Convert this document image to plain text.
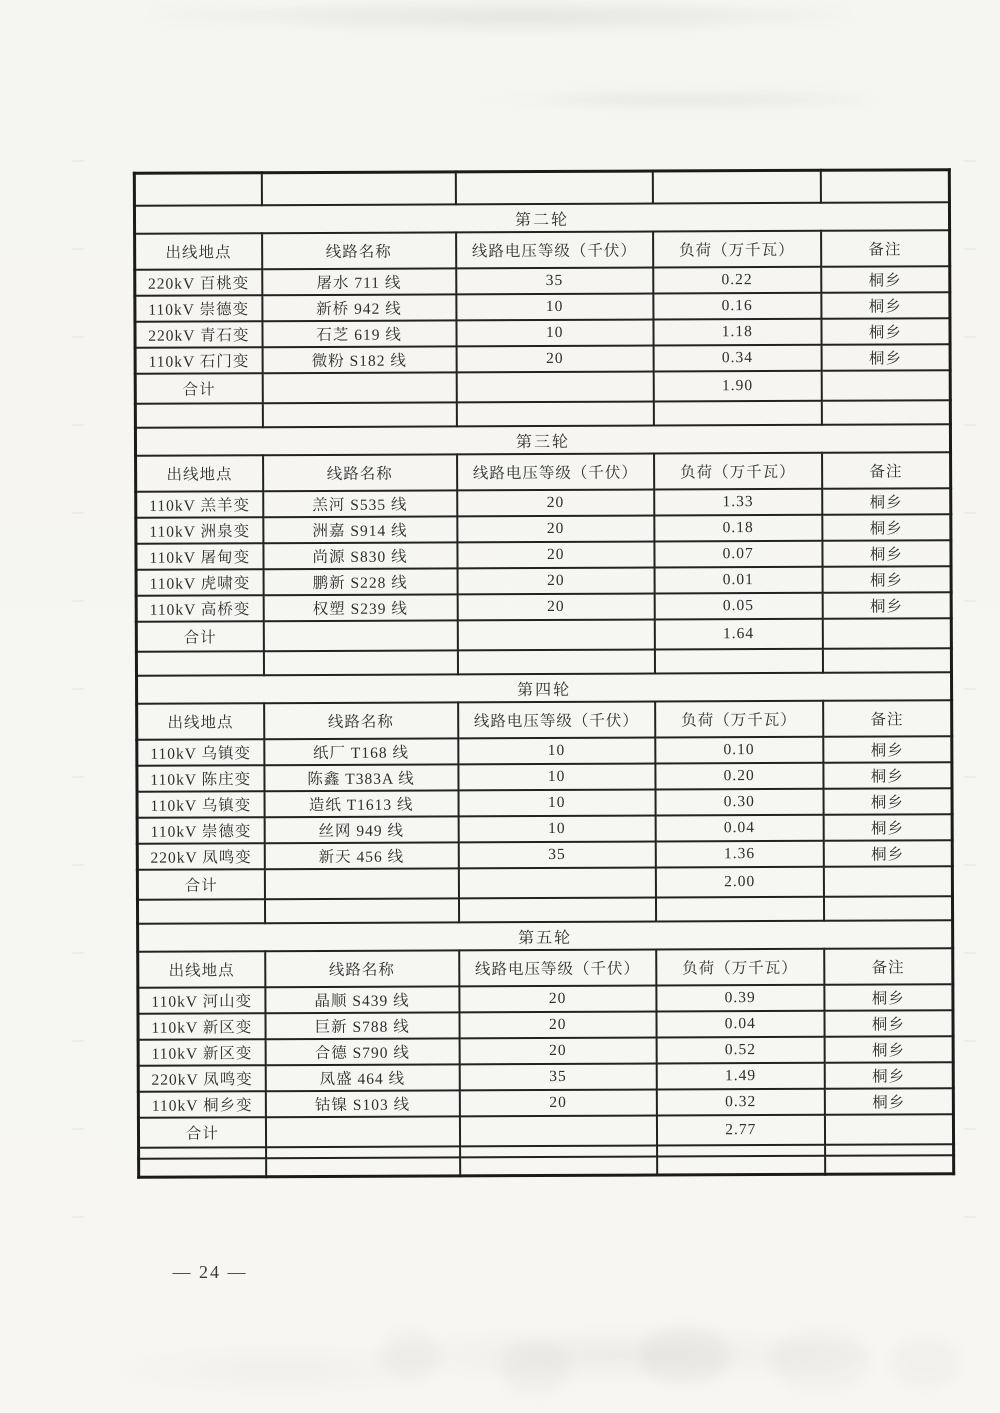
第二轮				
出线地点	线路名称	线路电压等级（千伏）	负荷（万千瓦）	备注
220kV 百桃变	屠水 711 线	35	0.22	桐乡
110kV 崇德变	新桥 942 线	10	0.16	桐乡
220kV 青石变	石芝 619 线	10	1.18	桐乡
110kV 石门变	微粉 S182 线	20	0.34	桐乡
合计			1.90	

第三轮				
出线地点	线路名称	线路电压等级（千伏）	负荷（万千瓦）	备注
110kV 羔羊变	羔河 S535 线	20	1.33	桐乡
110kV 洲泉变	洲嘉 S914 线	20	0.18	桐乡
110kV 屠甸变	尚源 S830 线	20	0.07	桐乡
110kV 虎啸变	鹏新 S228 线	20	0.01	桐乡
110kV 高桥变	权塑 S239 线	20	0.05	桐乡
合计			1.64	

第四轮				
出线地点	线路名称	线路电压等级（千伏）	负荷（万千瓦）	备注
110kV 乌镇变	纸厂 T168 线	10	0.10	桐乡
110kV 陈庄变	陈鑫 T383A 线	10	0.20	桐乡
110kV 乌镇变	造纸 T1613 线	10	0.30	桐乡
110kV 崇德变	丝网 949 线	10	0.04	桐乡
220kV 凤鸣变	新天 456 线	35	1.36	桐乡
合计			2.00	

第五轮				
出线地点	线路名称	线路电压等级（千伏）	负荷（万千瓦）	备注
110kV 河山变	晶顺 S439 线	20	0.39	桐乡
110kV 新区变	巨新 S788 线	20	0.04	桐乡
110kV 新区变	合德 S790 线	20	0.52	桐乡
220kV 凤鸣变	凤盛 464 线	35	1.49	桐乡
110kV 桐乡变	钴镍 S103 线	20	0.32	桐乡
合计			2.77	

— 24 —
